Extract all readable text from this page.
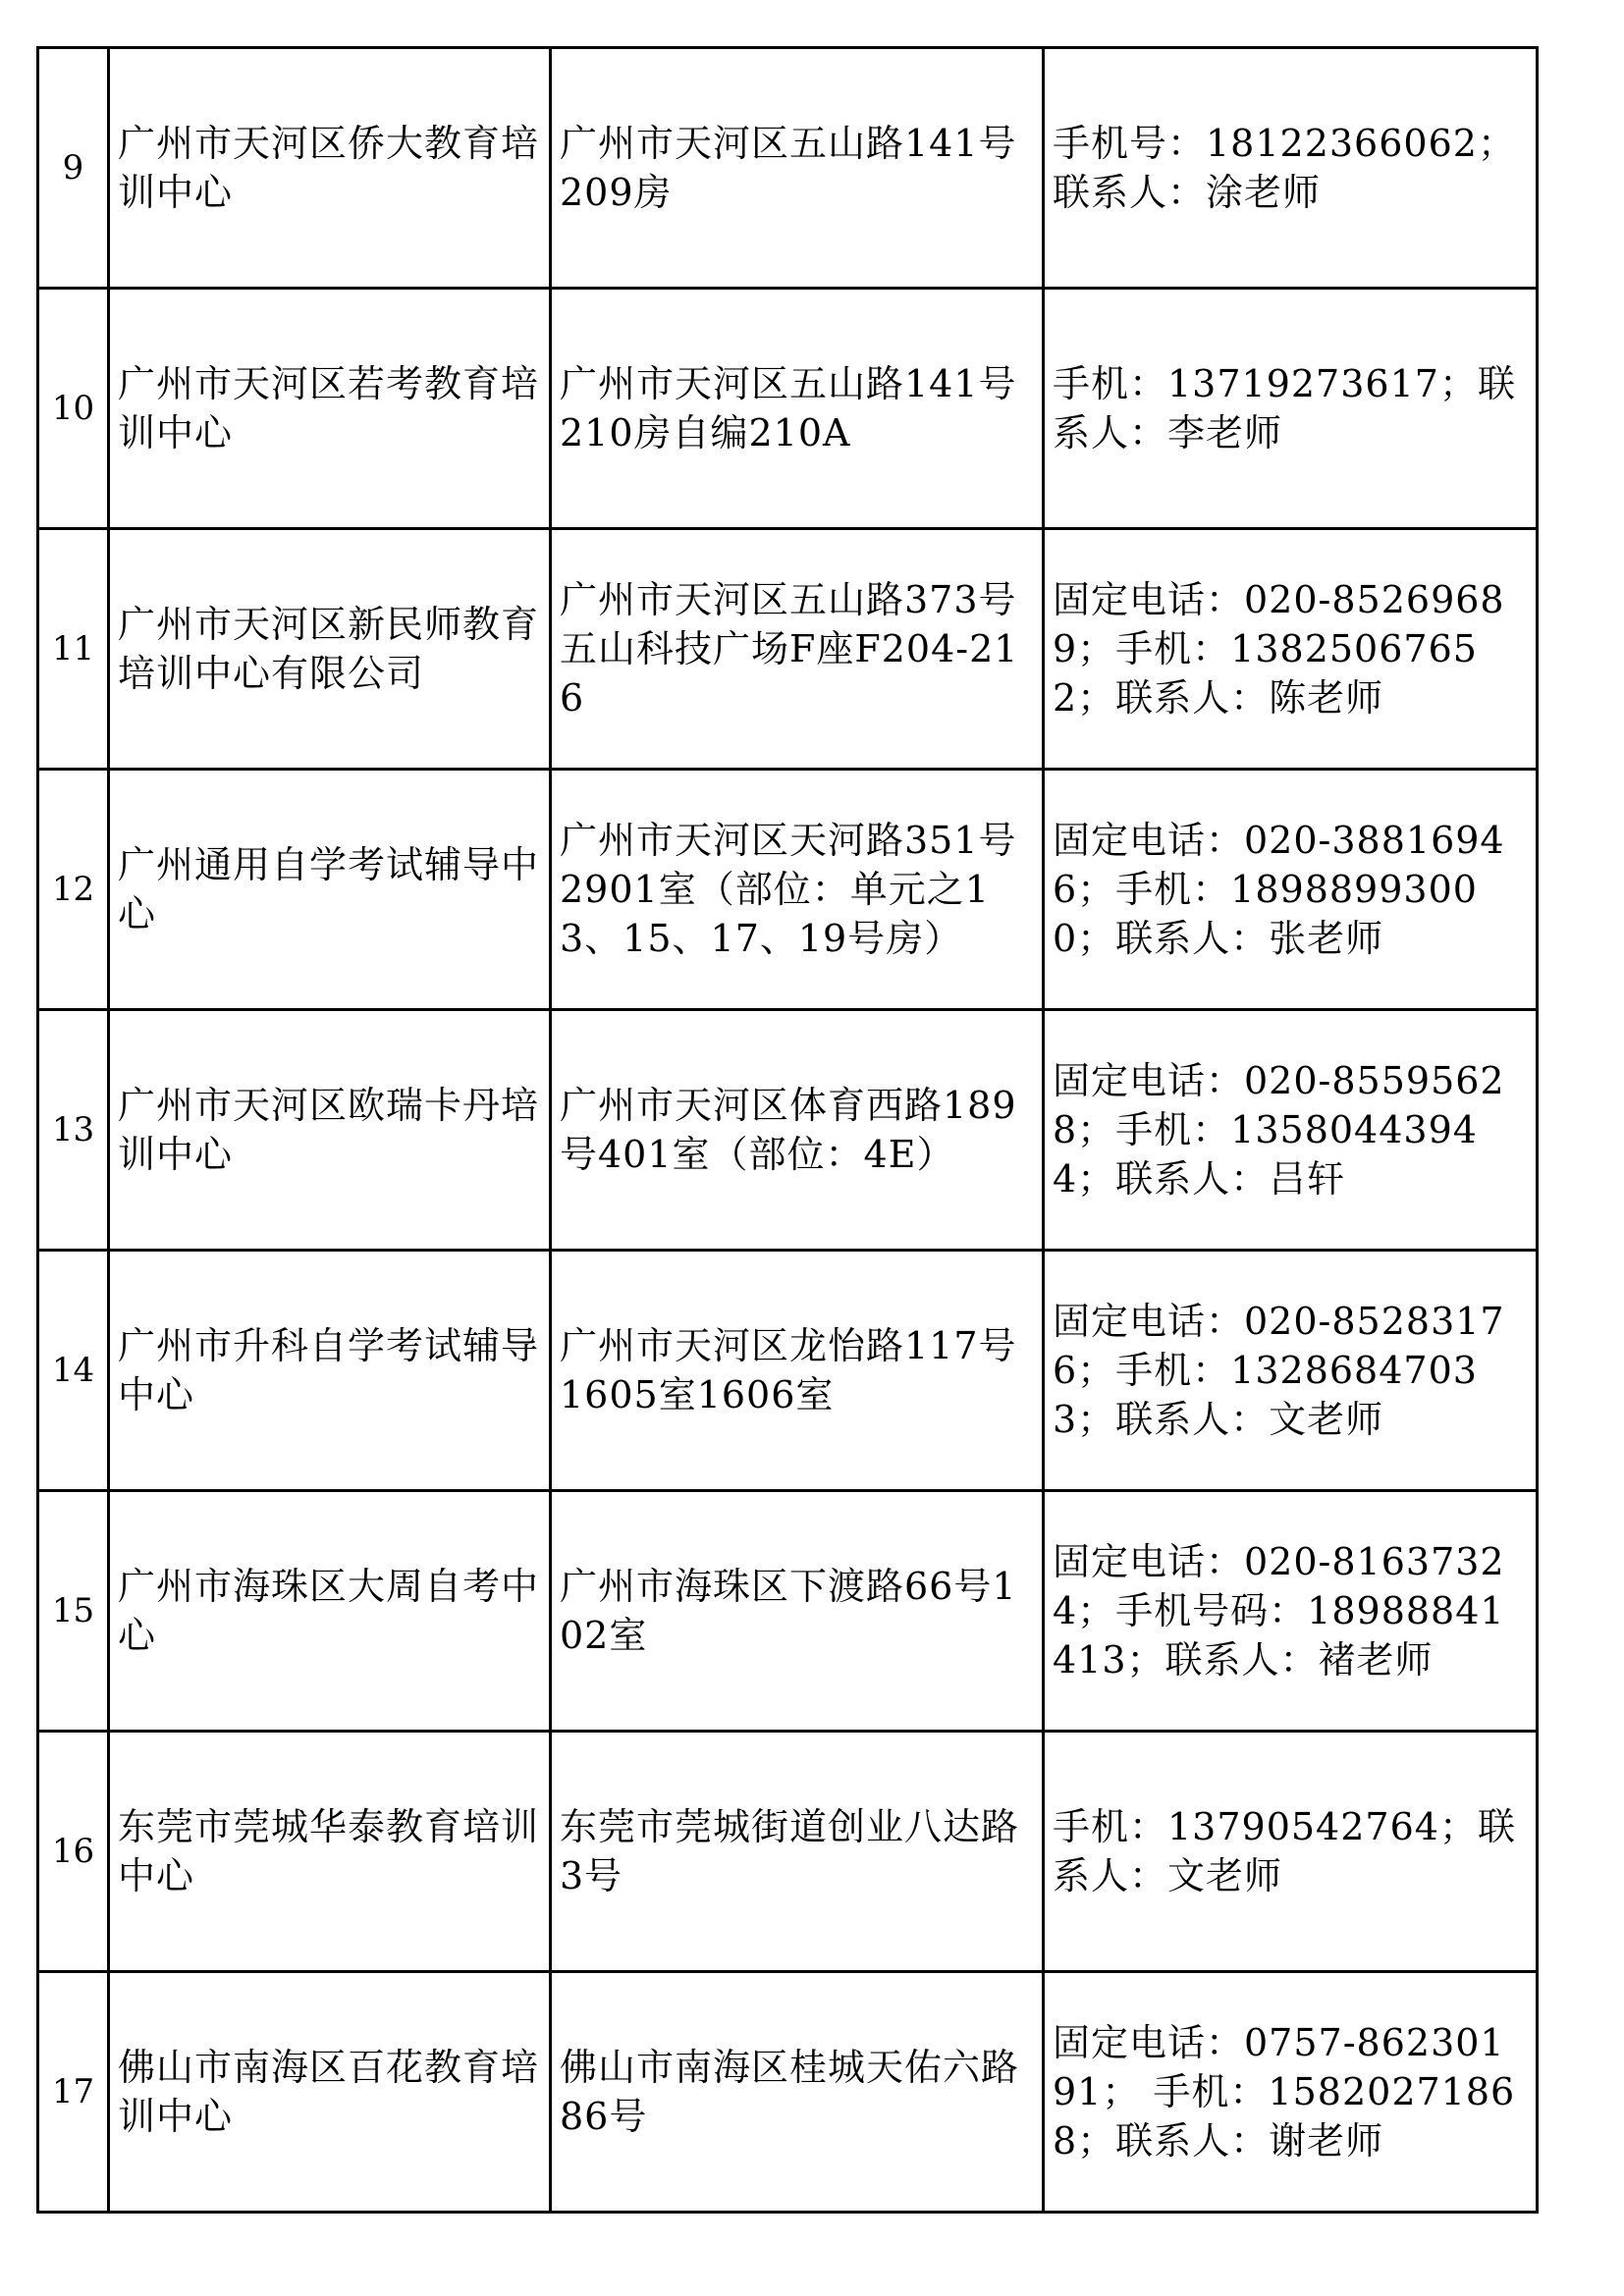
9	广州市天河区侨大教育培训中心	广州市天河区五山路141号209房	手机号：18122366062；联系人：涂老师
10	广州市天河区若考教育培训中心	广州市天河区五山路141号210房自编210A	手机：13719273617；联系人：李老师
11	广州市天河区新民师教育培训中心有限公司	广州市天河区五山路373号五山科技广场F座F204-216	固定电话：020-85269689；手机：13825067652；联系人：陈老师
12	广州通用自学考试辅导中心	广州市天河区天河路351号2901室（部位：单元之13、15、17、19号房）	固定电话：020-38816946；手机：18988993000；联系人：张老师
13	广州市天河区欧瑞卡丹培训中心	广州市天河区体育西路189号401室（部位：4E）	固定电话：020-85595628；手机：13580443944；联系人：吕轩
14	广州市升科自学考试辅导中心	广州市天河区龙怡路117号1605室1606室	固定电话：020-85283176；手机：13286847033；联系人：文老师
15	广州市海珠区大周自考中心	广州市海珠区下渡路66号102室	固定电话：020-81637324；手机号码：18988841413；联系人：褚老师
16	东莞市莞城华泰教育培训中心	东莞市莞城街道创业八达路3号	手机：13790542764；联系人：文老师
17	佛山市南海区百花教育培训中心	佛山市南海区桂城天佑六路86号	固定电话：0757-86230191； 手机：15820271868；联系人：谢老师
